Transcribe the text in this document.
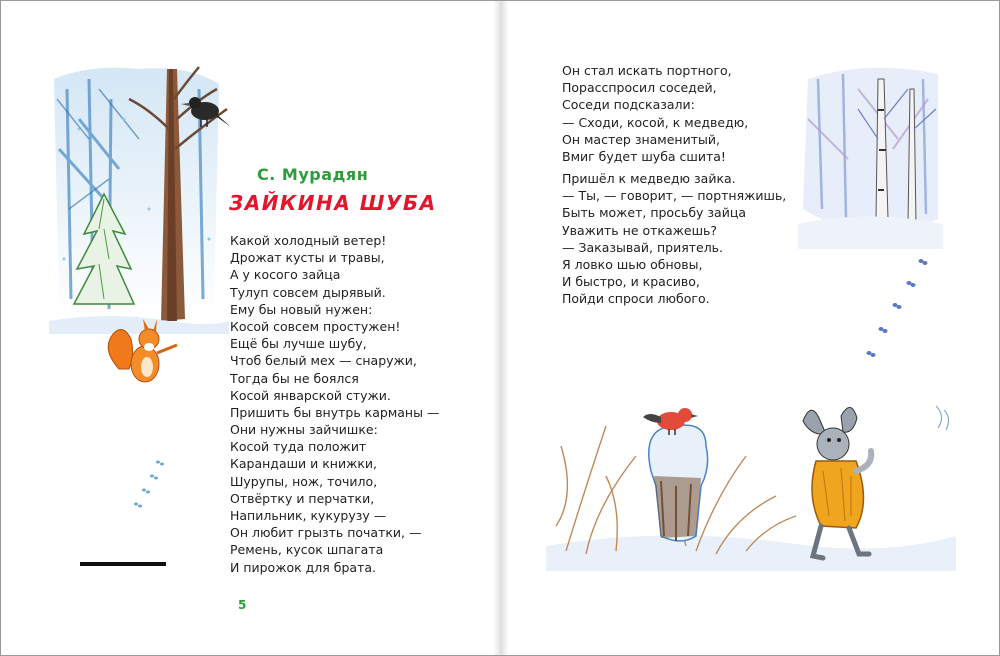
С. Мурадян
ЗАЙКИНА ШУБА
Какой холодный ветер!
Дрожат кусты и травы,
А у косого зайца
Тулуп совсем дырявый.
Ему бы новый нужен:
Косой совсем простужен!
Ещё бы лучше шубу,
Чтоб белый мех — снаружи,
Тогда бы не боялся
Косой январской стужи.
Пришить бы внутрь карманы —
Они нужны зайчишке:
Косой туда положит
Карандаши и книжки,
Шурупы, нож, точило,
Отвёртку и перчатки,
Напильник, кукурузу —
Он любит грызть початки, —
Ремень, кусок шпагата
И пирожок для брата.
5
Он стал искать портного,
Порасспросил соседей,
Соседи подсказали:
— Сходи, косой, к медведю,
Он мастер знаменитый,
Вмиг будет шуба сшита!
Пришёл к медведю зайка.
— Ты, — говорит, — портняжишь,
Быть может, просьбу зайца
Уважить не откажешь?
— Заказывай, приятель.
Я ловко шью обновы,
И быстро, и красиво,
Пойди спроси любого.
